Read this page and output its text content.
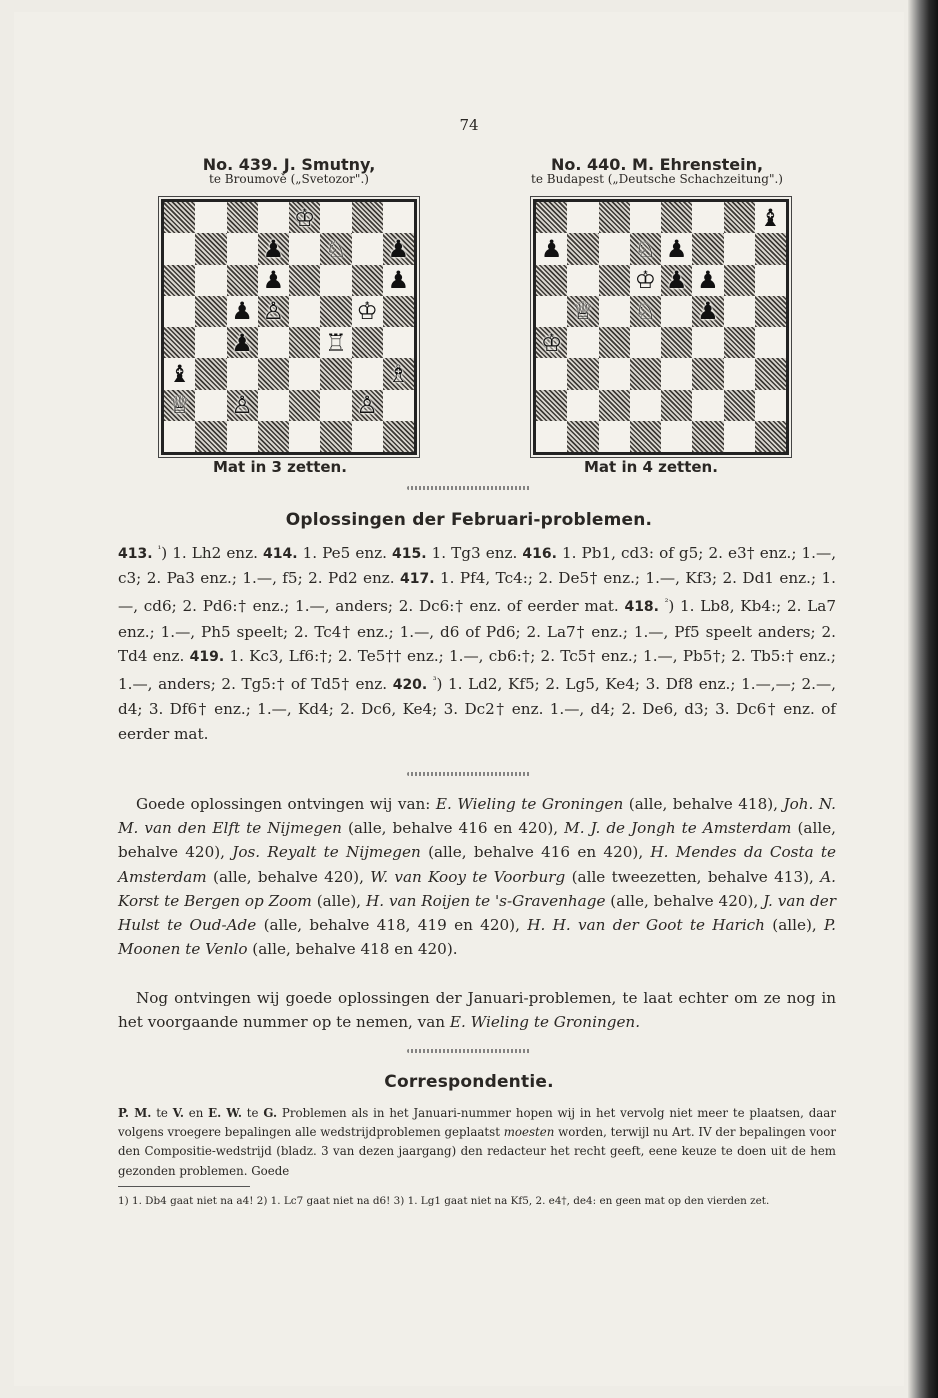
74
No. 439. J. Smutny,
te Broumově („Svetozor".)
♔
♟ ♘ ♟
♟	♟
♟ ♙	♔
♟	♖
♝	♗
♕ ♙	♙
Mat in 3 zetten.
No. 440. M. Ehrenstein,
te Budapest („Deutsche Schachzeitung".)
♝
♟	♘ ♟
♔ ♟ ♟
♕ ♘ ♟
♔
Mat in 4 zetten.
Oplossingen der Februari-problemen.
413. $^{^1}$) 1. Lh2 enz. 414. 1. Pe5 enz. 415. 1. Tg3 enz. 416. 1. Pb1, cd3: of g5; 2. e3† enz.; 1.—, c3; 2. Pa3 enz.; 1.—, f5; 2. Pd2 enz. 417. 1. Pf4, Tc4:; 2. De5† enz.; 1.—, Kf3; 2. Dd1 enz.; 1.—, cd6; 2. Pd6:† enz.; 1.—, anders; 2. Dc6:† enz. of eerder mat. 418. $^{^2}$) 1. Lb8, Kb4:; 2. La7 enz.; 1.—, Ph5 speelt; 2. Tc4† enz.; 1.—, d6 of Pd6; 2. La7† enz.; 1.—, Pf5 speelt anders; 2. Td4 enz. 419. 1. Kc3, Lf6:†; 2. Te5†† enz.; 1.—, cb6:†; 2. Tc5† enz.; 1.—, Pb5†; 2. Tb5:† enz.; 1.—, anders; 2. Tg5:† of Td5† enz. 420. $^{^3}$) 1. Ld2, Kf5; 2. Lg5, Ke4; 3. Df8 enz.; 1.—,—; 2.—, d4; 3. Df6† enz.; 1.—, Kd4; 2. Dc6, Ke4; 3. Dc2† enz. 1.—, d4; 2. De6, d3; 3. Dc6† enz. of eerder mat.
Goede oplossingen ontvingen wij van: E. Wieling te Groningen (alle, behalve 418), Joh. N. M. van den Elft te Nijmegen (alle, behalve 416 en 420), M. J. de Jongh te Amsterdam (alle, behalve 420), Jos. Reyalt te Nijmegen (alle, behalve 416 en 420), H. Mendes da Costa te Amsterdam (alle, behalve 420), W. van Kooy te Voorburg (alle tweezetten, behalve 413), A. Korst te Bergen op Zoom (alle), H. van Roijen te 's-Gravenhage (alle, behalve 420), J. van der Hulst te Oud-Ade (alle, behalve 418, 419 en 420), H. H. van der Goot te Harich (alle), P. Moonen te Venlo (alle, behalve 418 en 420).
Nog ontvingen wij goede oplossingen der Januari-problemen, te laat echter om ze nog in het voorgaande nummer op te nemen, van E. Wieling te Groningen.
Correspondentie.
P. M. te V. en E. W. te G. Problemen als in het Januari-nummer hopen wij in het vervolg niet meer te plaatsen, daar volgens vroegere bepalingen alle wedstrijdproblemen geplaatst moesten worden, terwijl nu Art. IV der bepalingen voor den Compositie-wedstrijd (bladz. 3 van dezen jaargang) den redacteur het recht geeft, eene keuze te doen uit de hem gezonden problemen. Goede
1) 1. Db4 gaat niet na a4! 2) 1. Lc7 gaat niet na d6! 3) 1. Lg1 gaat niet na Kf5, 2. e4†, de4: en geen mat op den vierden zet.
